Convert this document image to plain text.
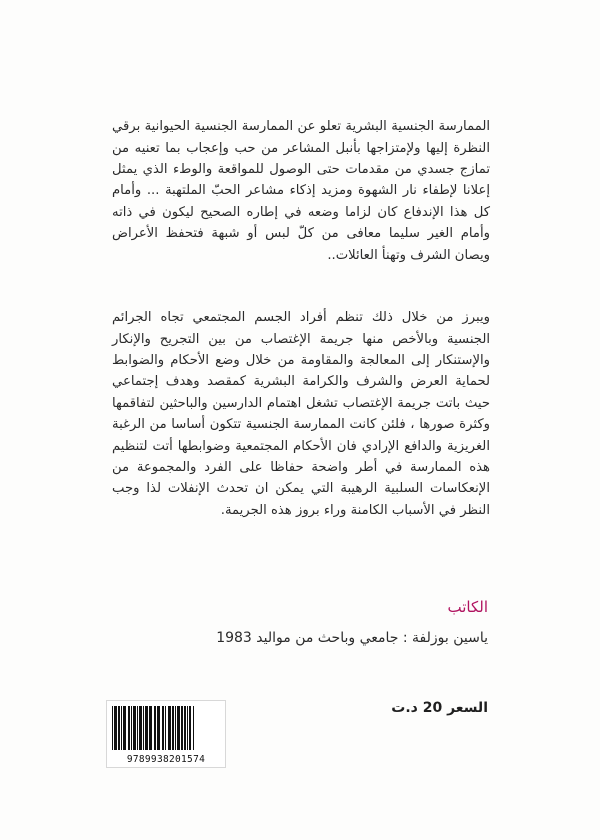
الممارسة الجنسية البشرية تعلو عن الممارسة الجنسية الحيوانية برقي النظرة إليها ولإمتزاجها بأنبل المشاعر من حب وإعجاب بما تعنيه من تمازج جسدي من مقدمات حتى الوصول للمواقعة والوطء الذي يمثل إعلانا لإطفاء نار الشهوة ومزيد إذكاء مشاعر الحبّ الملتهبة ... وأمام كل هذا الإندفاع كان لزاما وضعه في إطاره الصحيح ليكون في ذاته وأمام الغير سليما معافى من كلّ لبس أو شبهة فتحفظ الأعراض ويصان الشرف وتهنأ العائلات..

ويبرز من خلال ذلك تنظم أفراد الجسم المجتمعي تجاه الجرائم الجنسية وبالأخص منها جريمة الإغتصاب من بين التجريح والإنكار والإستنكار إلى المعالجة والمقاومة من خلال وضع الأحكام والضوابط لحماية العرض والشرف والكرامة البشرية كمقصد وهدف إجتماعي حيث باتت جريمة الإغتصاب تشغل اهتمام الدارسين والباحثين لتفاقمها وكثرة صورها ، فلئن كانت الممارسة الجنسية تتكون أساسا من الرغبة الغريزية والدافع الإرادي فان الأحكام المجتمعية وضوابطها أتت لتنظيم هذه الممارسة في أطر واضحة حفاظا على الفرد والمجموعة من الإنعكاسات السلبية الرهيبة التي يمكن ان تحدث الإنفلات لذا وجب النظر في الأسباب الكامنة وراء بروز هذه الجريمة.

الكاتب
ياسين بوزلفة : جامعي وباحث من مواليد 1983
السعر 20 د.ت
9789938201574
